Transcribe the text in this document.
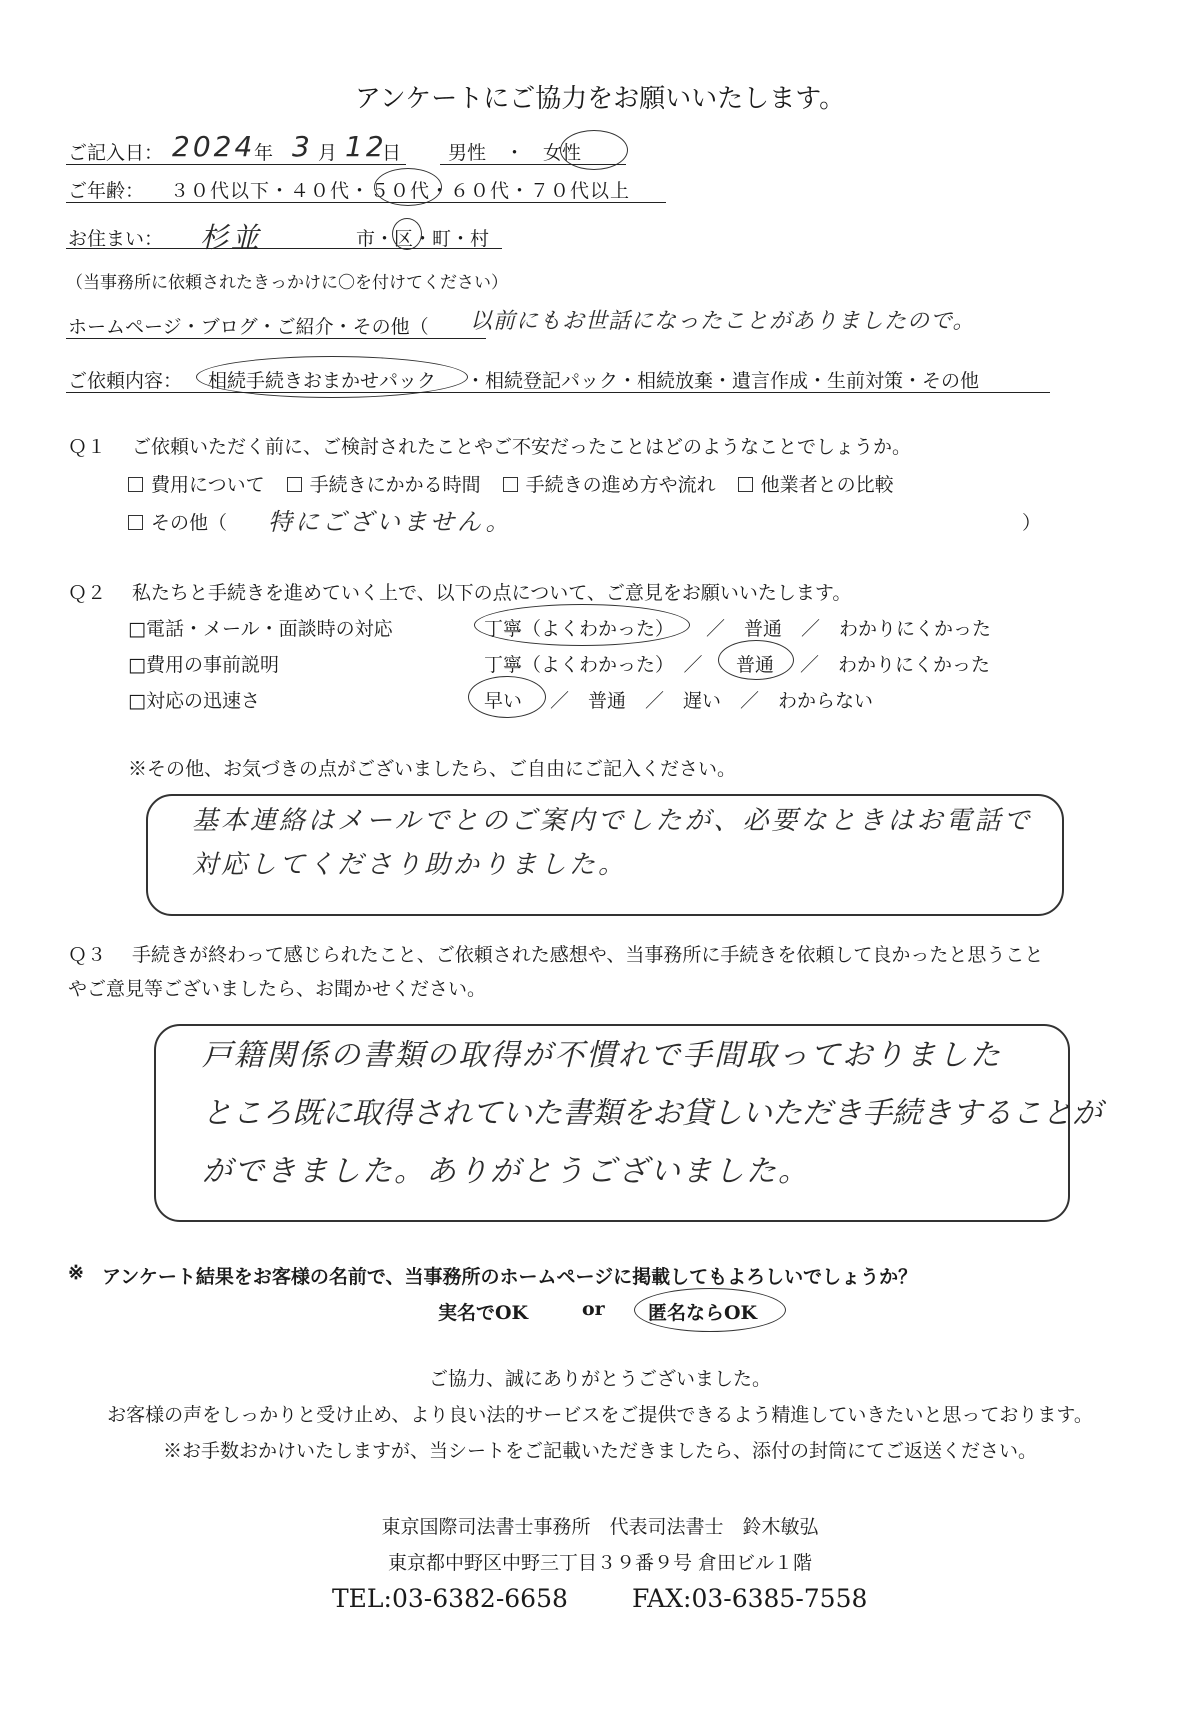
アンケートにご協力をお願いいたします。
ご記入日： 2024
年 3 月 12
日 男性　・　女性
ご年齢： ３０代以下・４０代・５０代・６０代・７０代以上
お住まい： 杉並	市・区・町・村
（当事務所に依頼されたきっかけに〇を付けてください）
ホームページ・ブログ・ご紹介・その他（ 以前にもお世話になったことがありましたので。
ご依頼内容： 相続手続きおまかせパック ・相続登記パック・相続放棄・遺言作成・生前対策・その他
Ｑ１ ご依頼いただく前に、ご検討されたことやご不安だったことはどのようなことでしょうか。
費用について	手続きにかかる時間	手続きの進め方や流れ	他業者との比較
その他（ 特にございません。	）
Ｑ２ 私たちと手続きを進めていく上で、以下の点について、ご意見をお願いいたします。
□電話・メール・面談時の対応	丁寧（よくわかった） ／　普通　／　わかりにくかった
□費用の事前説明	丁寧（よくわかった）　／ 普通 ／　わかりにくかった
□対応の迅速さ	早い ／　普通　／　遅い　／　わからない
※その他、お気づきの点がございましたら、ご自由にご記入ください。
基本連絡はメールでとのご案内でしたが、必要なときはお電話で
対応してくださり助かりました。
Ｑ３ 手続きが終わって感じられたこと、ご依頼された感想や、当事務所に手続きを依頼して良かったと思うこと
やご意見等ございましたら、お聞かせください。
戸籍関係の書類の取得が不慣れで手間取っておりました
ところ既に取得されていた書類をお貸しいただき手続きすることが
ができました。ありがとうございました。
※ アンケート結果をお客様の名前で、当事務所のホームページに掲載してもよろしいでしょうか？
実名でOK	or 匿名ならOK
ご協力、誠にありがとうございました。
お客様の声をしっかりと受け止め、より良い法的サービスをご提供できるよう精進していきたいと思っております。
※お手数おかけいたしますが、当シートをご記載いただきましたら、添付の封筒にてご返送ください。
東京国際司法書士事務所　代表司法書士　鈴木敏弘
東京都中野区中野三丁目３９番９号 倉田ビル１階
TEL:03-6382-6658	FAX:03-6385-7558
